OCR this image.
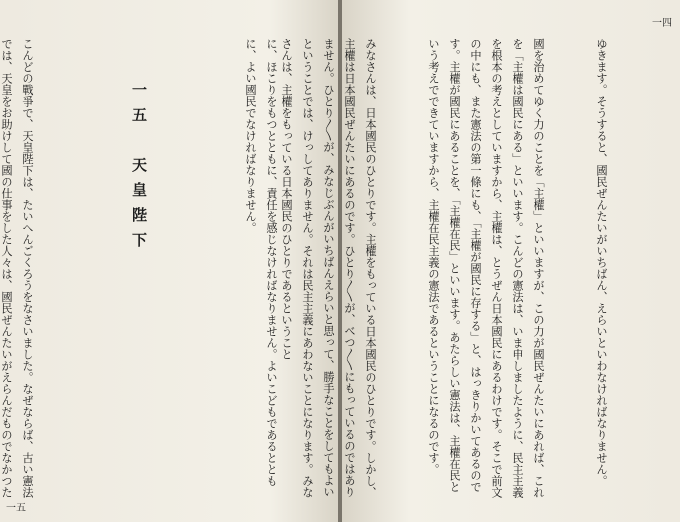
に、ほこりをもつとともに、責任を感じなければなりません。よいこどもであるとともに、よい國民でなければなりません。

一五　天皇陛下

こんどの戰爭で、天皇陛下は、たいへんごくろうをなさいました。なぜならば、古い憲法では、天皇をお助けして國の仕事をした人々は、國民ぜんたいがえらんだものでなかつた

一五

ゆきます。そうすると、國民ぜんたいがいちばん、えらいといわなければなりません。

國を治めてゆく力のことを「主權」といいますが、この力が國民ぜんたいにあれば、これを「主權は國民にある」といいます。こんどの憲法は、いま申しましたように、民主主義を根本の考えとしていますから、主權は、とうぜん日本國民にあるわけです。そこで前文の中にも、また憲法の第一條にも、「主權が國民に存する」と、はっきりかいてあるのです。主權が國民にあることを、「主權在民」といいます。あたらしい憲法は、主權在民という考えでできていますから、主權在民主義の憲法であるということになるのです。

みなさんは、日本國民のひとりです。主權をもっている日本國民のひとりです。しかし、主權は日本國民ぜんたいにあるのです。ひとり〳〵が、べつ〳〵にもっているのではありません。ひとり〳〵が、みなじぶんがいちばんえらいと思って、勝手なことをしてもよいということでは、けっしてありません。それは民主主義にあわないことになります。みなさんは、主權をもっている日本國民のひとりであるということ

一四
